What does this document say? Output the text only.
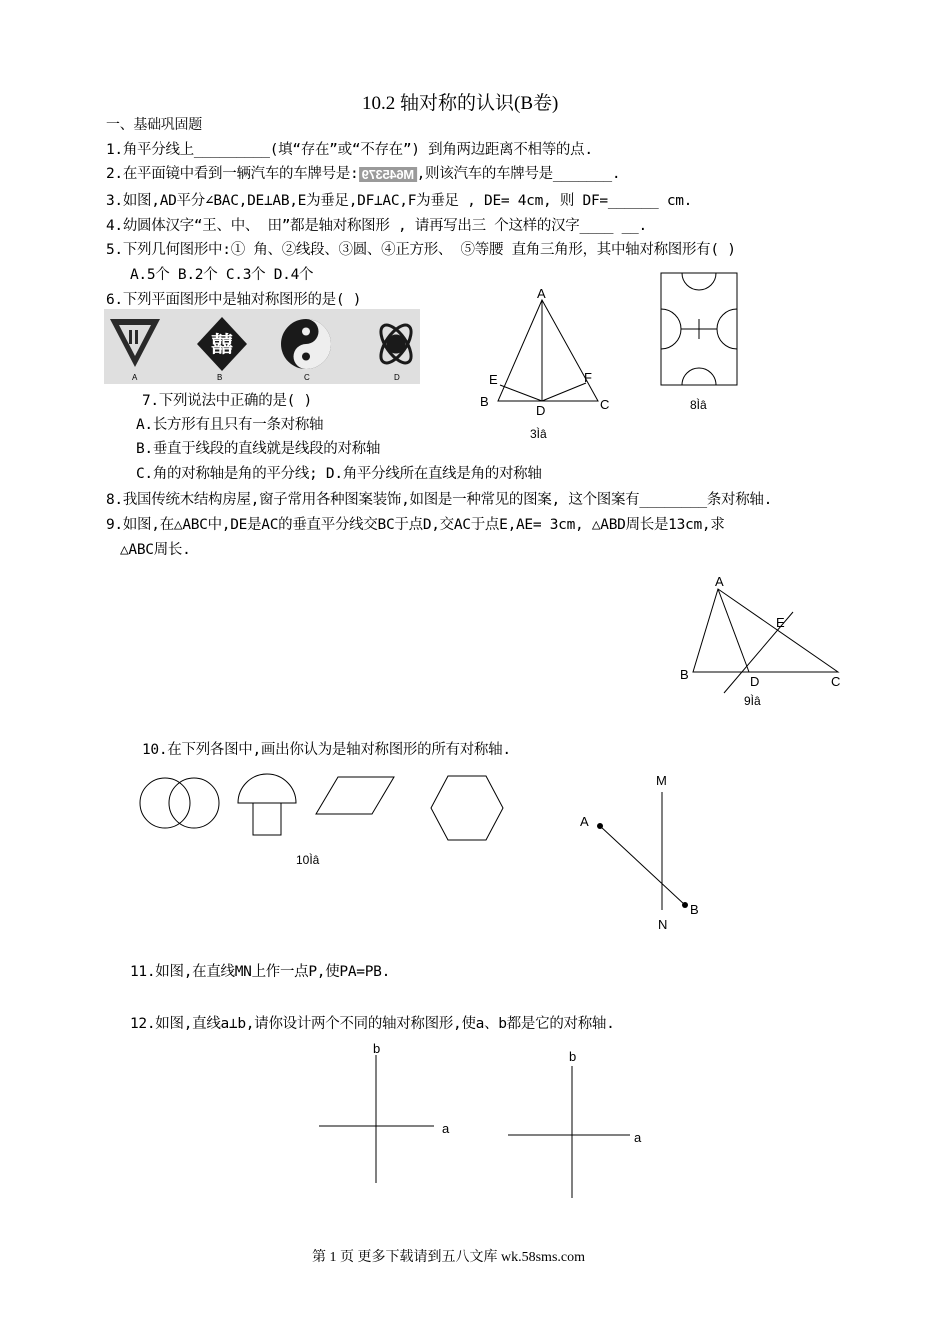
10.2 轴对称的认识(B卷)
一、基础巩固题
1.角平分线上_________(填“存在”或“不存在”) 到角两边距离不相等的点.
2.在平面镜中看到一辆汽车的车牌号是: M645379 ,则该汽车的车牌号是_______.
3.如图,AD平分∠BAC,DE⊥AB,E为垂足,DF⊥AC,F为垂足 , DE= 4cm, 则 DF=______ cm.
4.幼圆体汉字“王、中、 田”都是轴对称图形 , 请再写出三 个这样的汉字____ __.
5.下列几何图形中:① 角、②线段、③圆、④正方形、 ⑤等腰 直角三角形，其中轴对称图形有( )
A.5个 B.2个 C.3个 D.4个
6.下列平面图形中是轴对称图形的是( )
囍
A	B	C	D
7.下列说法中正确的是( )
A.长方形有且只有一条对称轴
B.垂直于线段的直线就是线段的对称轴
C.角的对称轴是角的平分线; D.角平分线所在直线是角的对称轴
A
B	C
D
E	F
3Ìâ
8Ìâ
8.我国传统木结构房屋,窗子常用各种图案装饰,如图是一种常见的图案, 这个图案有________条对称轴.
9.如图,在△ABC中,DE是AC的垂直平分线交BC于点D,交AC于点E,AE= 3cm, △ABD周长是13cm,求
△ABC周长.
A
B	C
D
E
9Ìâ
10.在下列各图中,画出你认为是轴对称图形的所有对称轴.
10Ìâ
M
N
A
B
11.如图,在直线MN上作一点P,使PA=PB.
12.如图,直线a⊥b,请你设计两个不同的轴对称图形,使a、b都是它的对称轴.
b
a
b
a
第 1 页 更多下载请到五八文库 wk.58sms.com
